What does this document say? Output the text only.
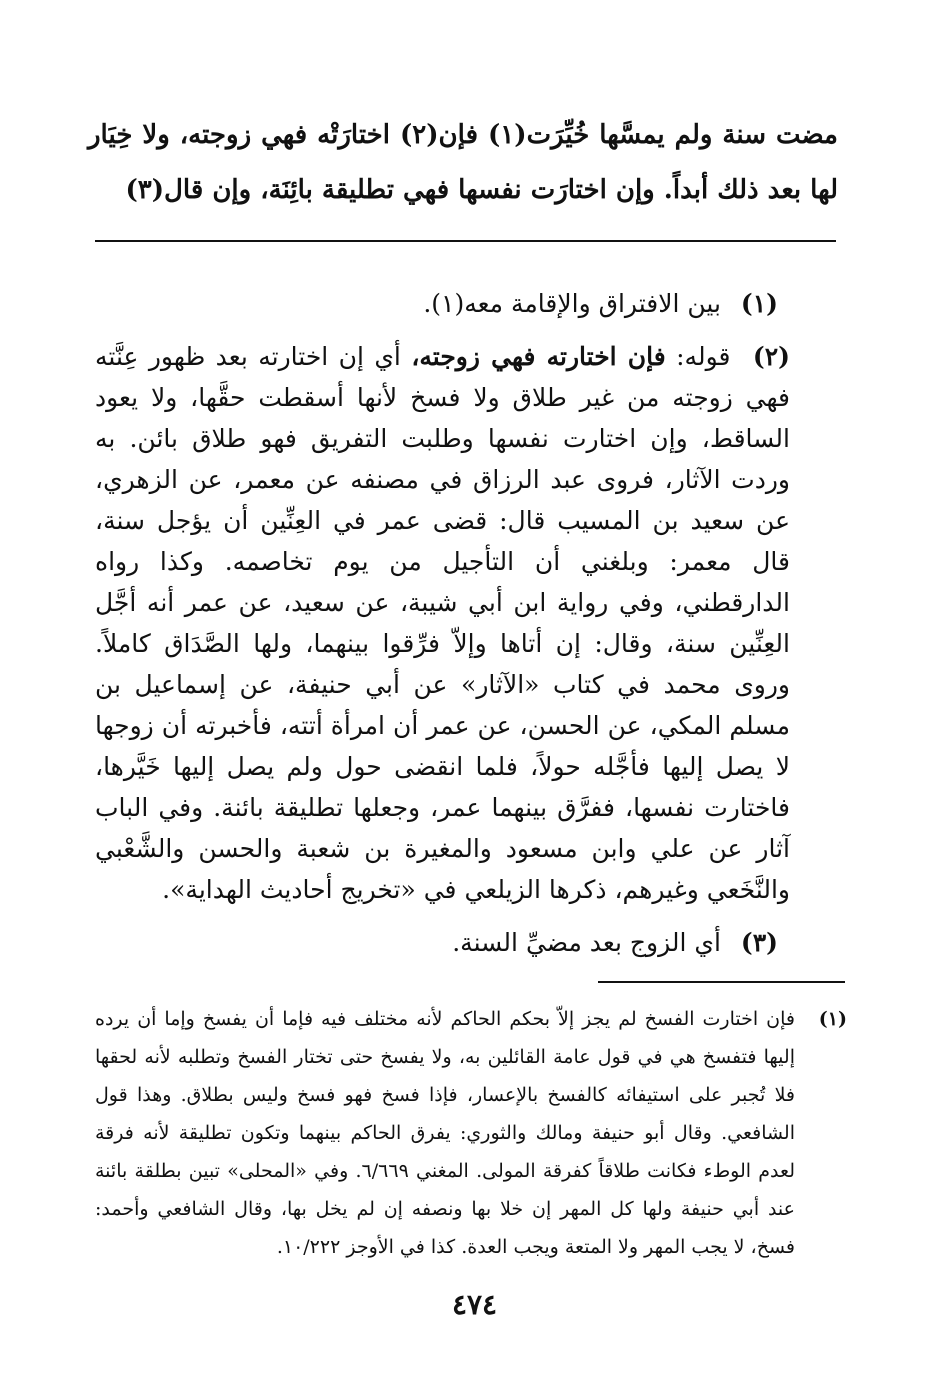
مضت سنة ولم يمسَّها خُيِّرَت(١) فإن(٢) اختارَتْه فهي زوجته، ولا خِيَار

لها بعد ذلك أبداً. وإن اختارَت نفسها فهي تطليقة بائِنَة، وإن قال(٣)

(١) بين الافتراق والإقامة معه(١).

(٢) قوله: فإن اختارته فهي زوجته، أي إن اختارته بعد ظهور عِنَّته فهي زوجته من غير طلاق ولا فسخ لأنها أسقطت حقَّها، ولا يعود الساقط، وإن اختارت نفسها وطلبت التفريق فهو طلاق بائن. به وردت الآثار، فروى عبد الرزاق في مصنفه عن معمر، عن الزهري، عن سعيد بن المسيب قال: قضى عمر في العِنِّين أن يؤجل سنة، قال معمر: وبلغني أن التأجيل من يوم تخاصمه. وكذا رواه الدارقطني، وفي رواية ابن أبي شيبة، عن سعيد، عن عمر أنه أجَّل العِنِّين سنة، وقال: إن أتاها وإلاّ فرِّقوا بينهما، ولها الصَّدَاق كاملاً. وروى محمد في كتاب «الآثار» عن أبي حنيفة، عن إسماعيل بن مسلم المكي، عن الحسن، عن عمر أن امرأة أتته، فأخبرته أن زوجها لا يصل إليها فأجَّله حولاً، فلما انقضى حول ولم يصل إليها خَيَّرها، فاختارت نفسها، ففرَّق بينهما عمر، وجعلها تطليقة بائنة. وفي الباب آثار عن علي وابن مسعود والمغيرة بن شعبة والحسن والشَّعْبي والنَّخَعي وغيرهم، ذكرها الزيلعي في «تخريج أحاديث الهداية».

(٣) أي الزوج بعد مضيِّ السنة.

(١)
فإن اختارت الفسخ لم يجز إلاّ بحكم الحاكم لأنه مختلف فيه فإما أن يفسخ وإما أن يرده إليها فتفسخ هي في قول عامة القائلين به، ولا يفسخ حتى تختار الفسخ وتطلبه لأنه لحقها فلا تُجبر على استيفائه كالفسخ بالإعسار، فإذا فسخ فهو فسخ وليس بطلاق. وهذا قول الشافعي. وقال أبو حنيفة ومالك والثوري: يفرق الحاكم بينهما وتكون تطليقة لأنه فرقة لعدم الوطء فكانت طلاقاً كفرقة المولى. المغني ٦/٦٦٩. وفي «المحلى» تبين بطلقة بائنة عند أبي حنيفة ولها كل المهر إن خلا بها ونصفه إن لم يخل بها، وقال الشافعي وأحمد: فسخ، لا يجب المهر ولا المتعة ويجب العدة. كذا في الأوجز ١٠/٢٢٢.
٤٧٤
